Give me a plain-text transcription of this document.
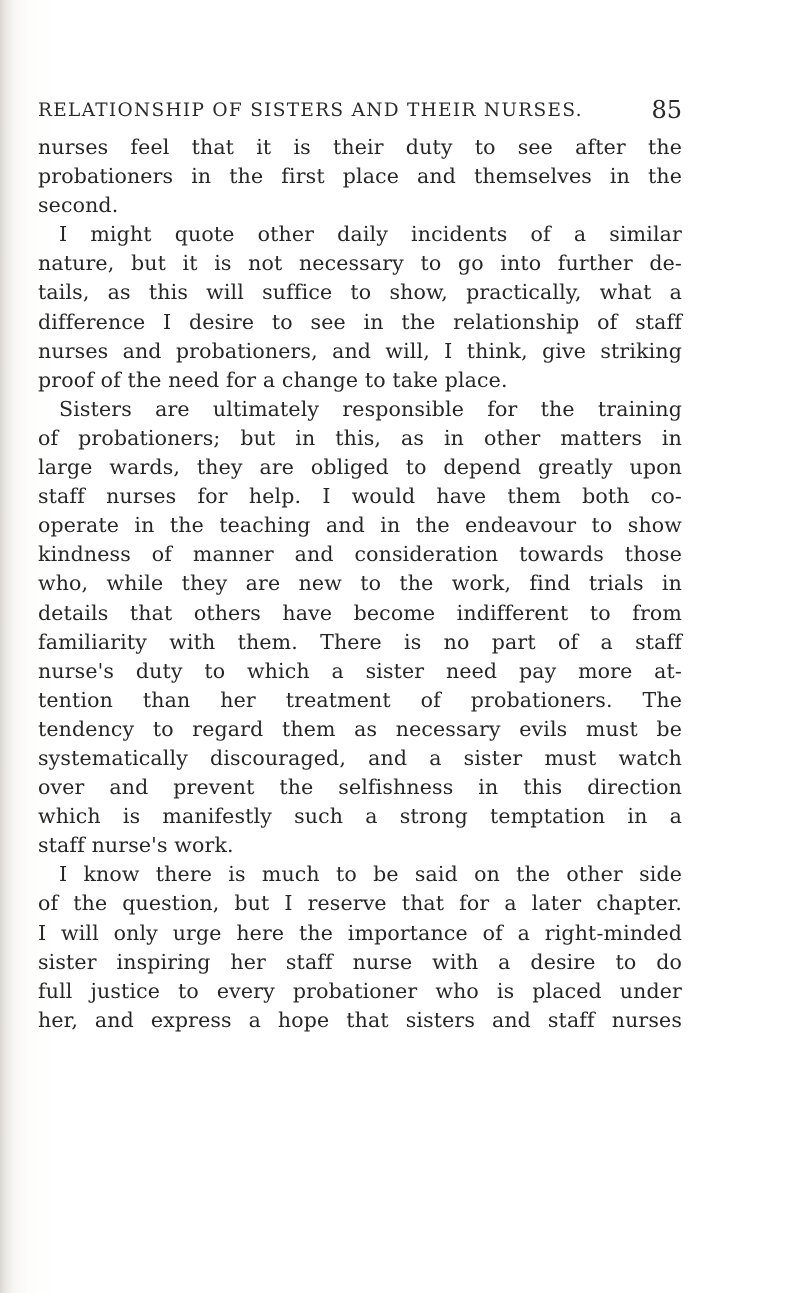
RELATIONSHIP OF SISTERS AND THEIR NURSES.	85
nurses feel that it is their duty to see after the
probationers in the first place and themselves in the
second.
I might quote other daily incidents of a similar
nature, but it is not necessary to go into further de-
tails, as this will suffice to show, practically, what a
difference I desire to see in the relationship of staff
nurses and probationers, and will, I think, give striking
proof of the need for a change to take place.
Sisters are ultimately responsible for the training
of probationers; but in this, as in other matters in
large wards, they are obliged to depend greatly upon
staff nurses for help. I would have them both co-
operate in the teaching and in the endeavour to show
kindness of manner and consideration towards those
who, while they are new to the work, find trials in
details that others have become indifferent to from
familiarity with them. There is no part of a staff
nurse's duty to which a sister need pay more at-
tention than her treatment of probationers. The
tendency to regard them as necessary evils must be
systematically discouraged, and a sister must watch
over and prevent the selfishness in this direction
which is manifestly such a strong temptation in a
staff nurse's work.
I know there is much to be said on the other side
of the question, but I reserve that for a later chapter.
I will only urge here the importance of a right-minded
sister inspiring her staff nurse with a desire to do
full justice to every probationer who is placed under
her, and express a hope that sisters and staff nurses
